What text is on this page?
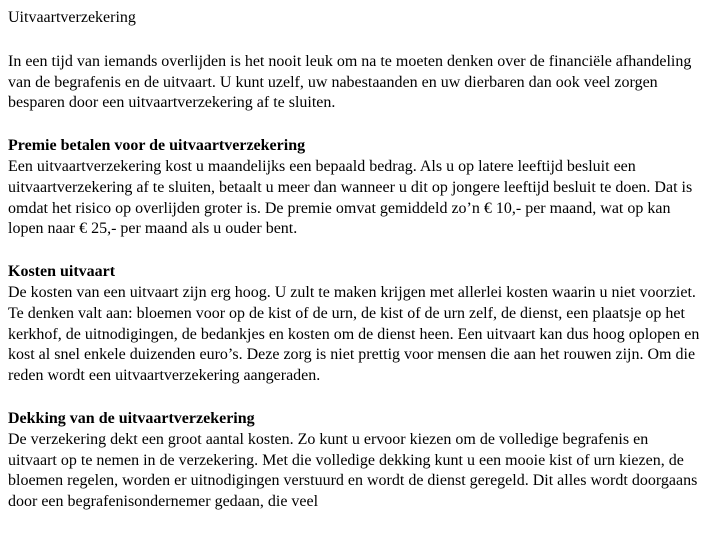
Uitvaartverzekering
In een tijd van iemands overlijden is het nooit leuk om na te moeten denken over de financiële afhandeling van de begrafenis en de uitvaart. U kunt uzelf, uw nabestaanden en uw dierbaren dan ook veel zorgen besparen door een uitvaartverzekering af te sluiten.
Premie betalen voor de uitvaartverzekering
Een uitvaartverzekering kost u maandelijks een bepaald bedrag. Als u op latere leeftijd besluit een uitvaartverzekering af te sluiten, betaalt u meer dan wanneer u dit op jongere leeftijd besluit te doen. Dat is omdat het risico op overlijden groter is. De premie omvat gemiddeld zo’n € 10,- per maand, wat op kan lopen naar € 25,- per maand als u ouder bent.
Kosten uitvaart
De kosten van een uitvaart zijn erg hoog. U zult te maken krijgen met allerlei kosten waarin u niet voorziet. Te denken valt aan: bloemen voor op de kist of de urn, de kist of de urn zelf, de dienst, een plaatsje op het kerkhof, de uitnodigingen, de bedankjes en kosten om de dienst heen. Een uitvaart kan dus hoog oplopen en kost al snel enkele duizenden euro’s. Deze zorg is niet prettig voor mensen die aan het rouwen zijn. Om die reden wordt een uitvaartverzekering aangeraden.
Dekking van de uitvaartverzekering
De verzekering dekt een groot aantal kosten. Zo kunt u ervoor kiezen om de volledige begrafenis en uitvaart op te nemen in de verzekering. Met die volledige dekking kunt u een mooie kist of urn kiezen, de bloemen regelen, worden er uitnodigingen verstuurd en wordt de dienst geregeld. Dit alles wordt doorgaans door een begrafenisondernemer gedaan, die veel
